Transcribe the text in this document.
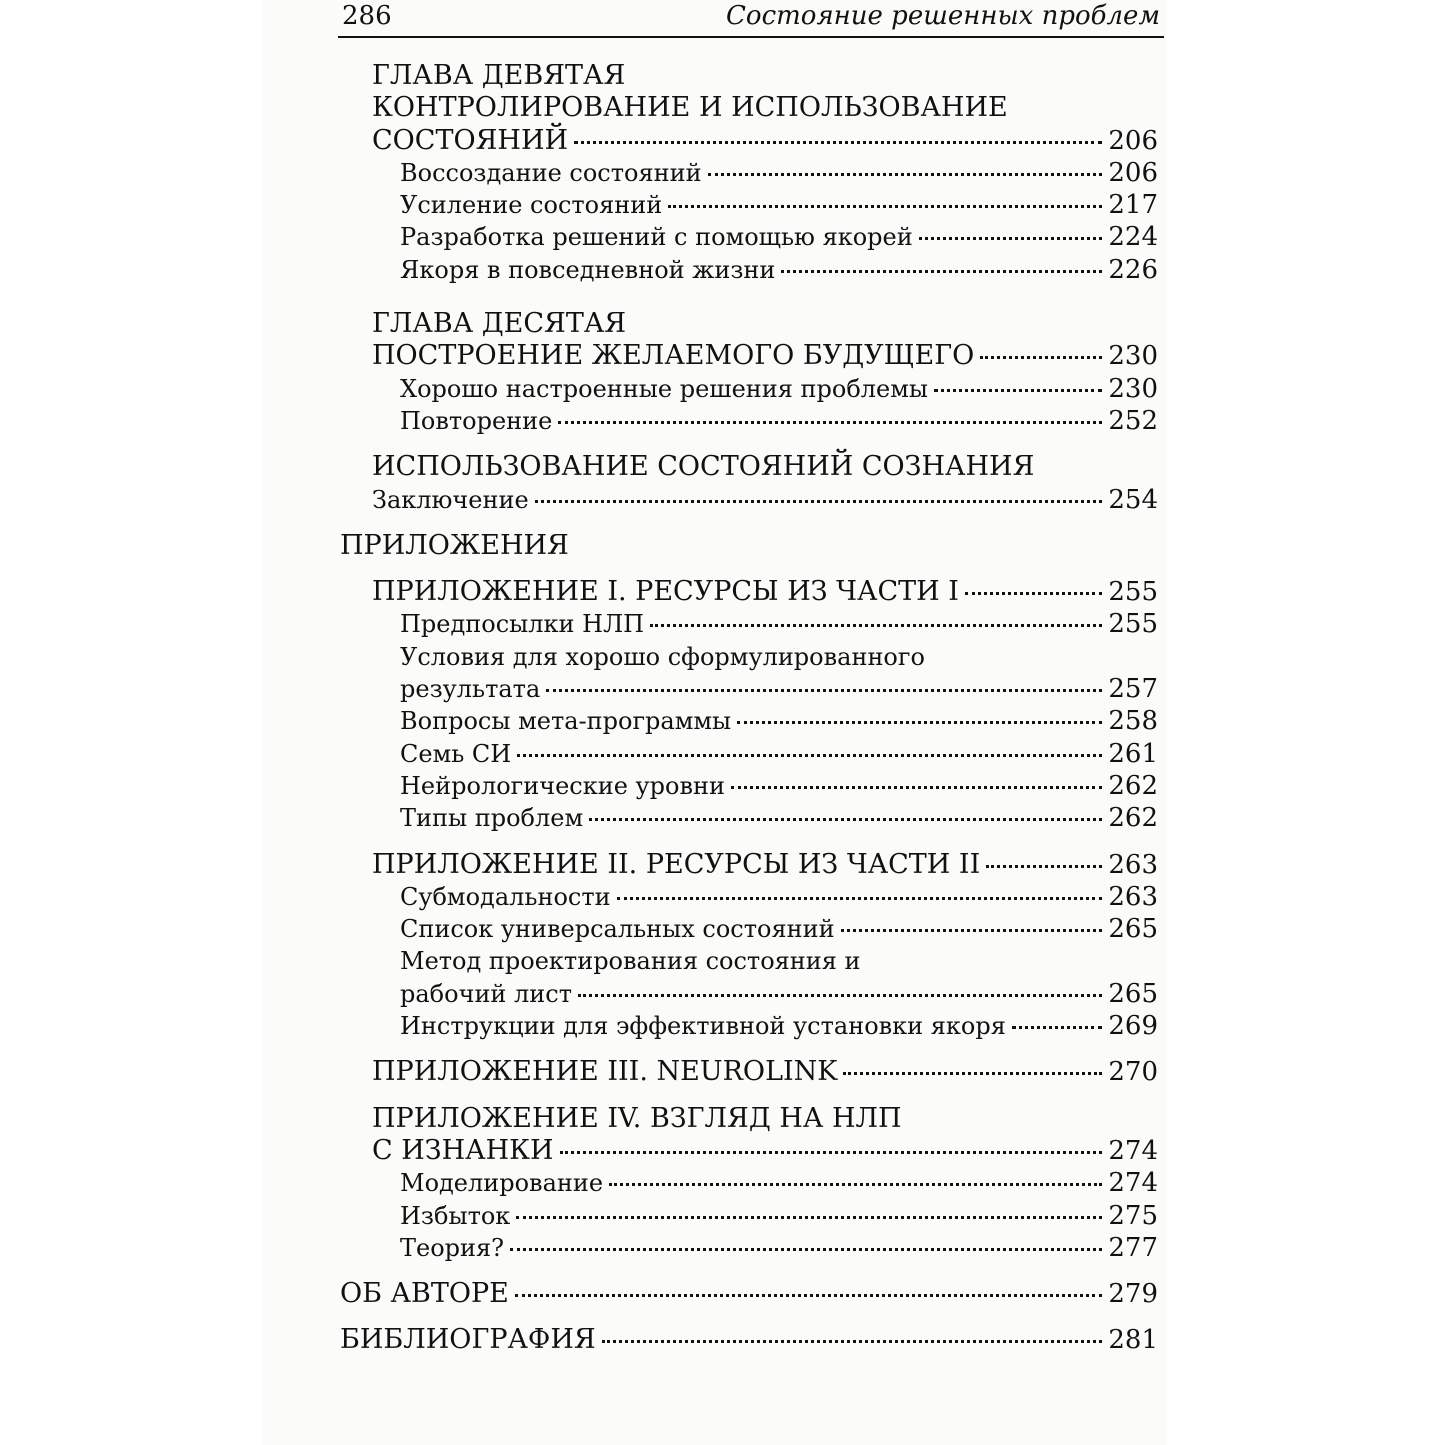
286	Состояние решенных проблем
ГЛАВА ДЕВЯТАЯ
КОНТРОЛИРОВАНИЕ И ИСПОЛЬЗОВАНИЕ
СОСТОЯНИЙ	206
Воссоздание состояний	206
Усиление состояний	217
Разработка решений с помощью якорей	224
Якоря в повседневной жизни	226
ГЛАВА ДЕСЯТАЯ
ПОСТРОЕНИЕ ЖЕЛАЕМОГО БУДУЩЕГО	230
Хорошо настроенные решения проблемы	230
Повторение	252
ИСПОЛЬЗОВАНИЕ СОСТОЯНИЙ СОЗНАНИЯ
Заключение	254
ПРИЛОЖЕНИЯ
ПРИЛОЖЕНИЕ I. РЕСУРСЫ ИЗ ЧАСТИ I	255
Предпосылки НЛП	255
Условия для хорошо сформулированного
результата	257
Вопросы мета-программы	258
Семь СИ	261
Нейрологические уровни	262
Типы проблем	262
ПРИЛОЖЕНИЕ II. РЕСУРСЫ ИЗ ЧАСТИ II	263
Субмодальности	263
Список универсальных состояний	265
Метод проектирования состояния и
рабочий лист	265
Инструкции для эффективной установки якоря	269
ПРИЛОЖЕНИЕ III. NEUROLINK	270
ПРИЛОЖЕНИЕ IV. ВЗГЛЯД НА НЛП
С ИЗНАНКИ	274
Моделирование	274
Избыток	275
Теория?	277
ОБ АВТОРЕ	279
БИБЛИОГРАФИЯ	281
